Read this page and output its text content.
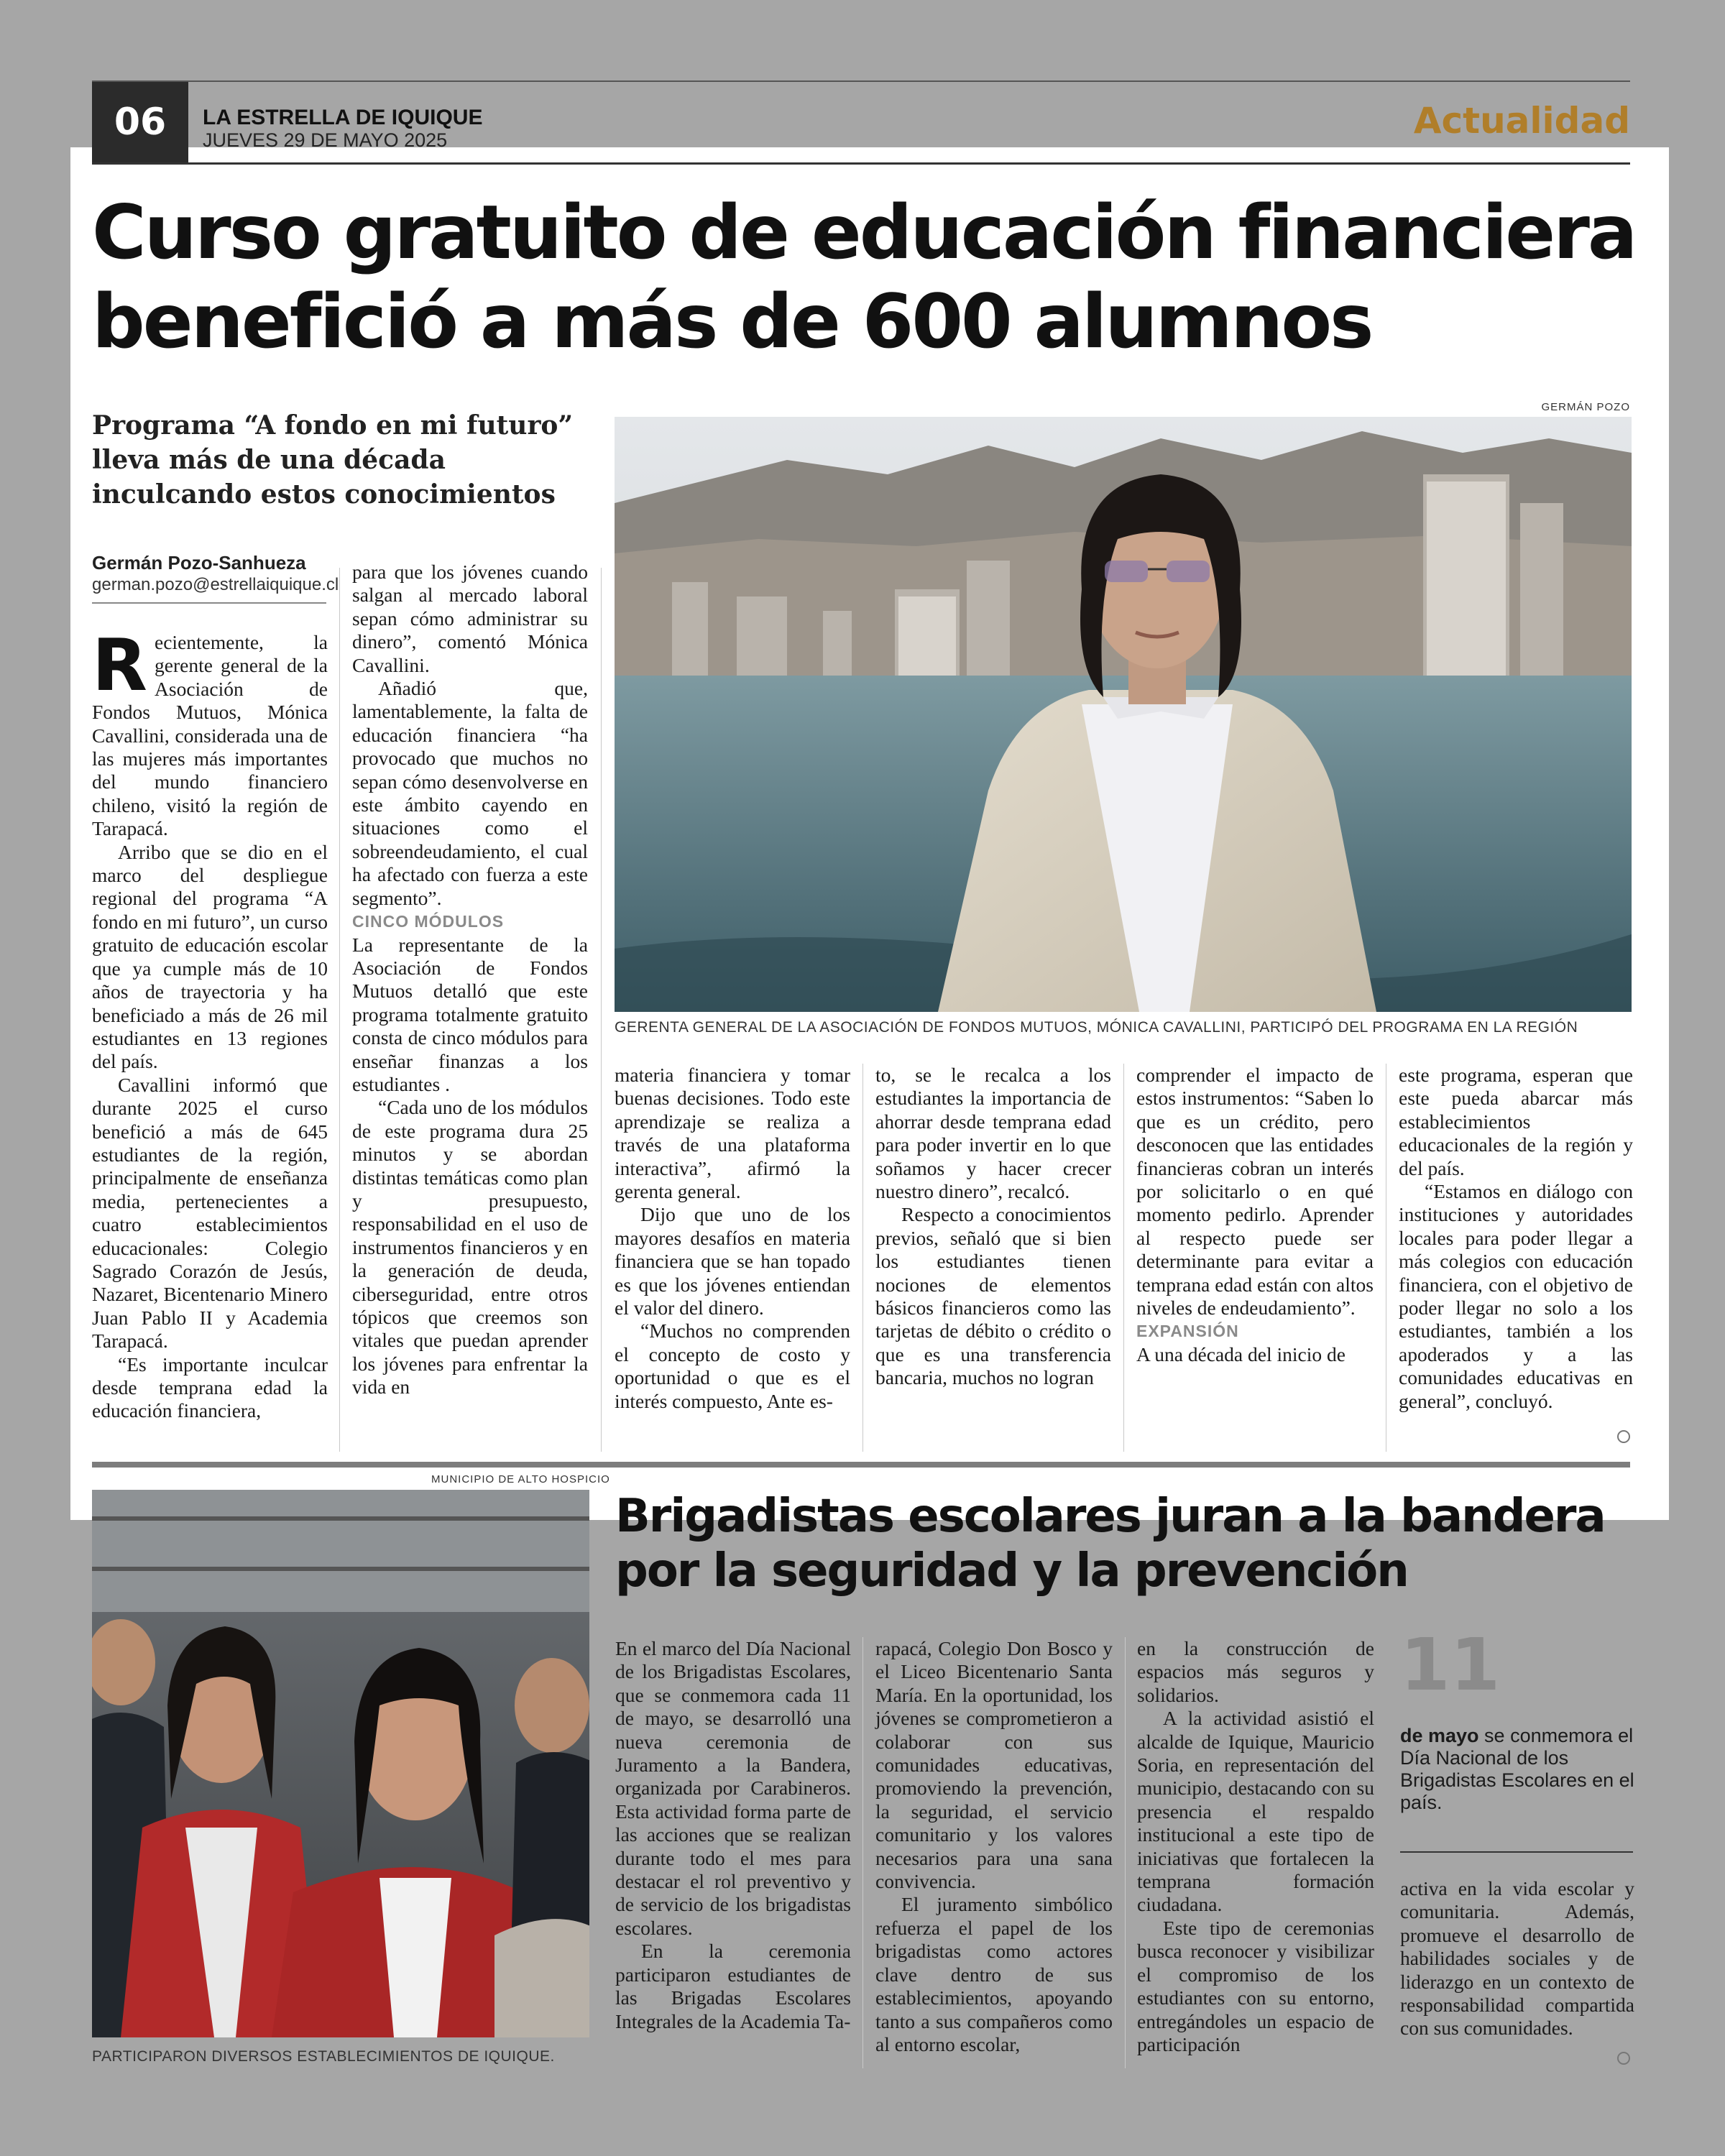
06	LA ESTRELLA DE IQUIQUE
JUEVES 29 DE MAYO 2025	Actualidad
Curso gratuito de educación financiera
benefició a más de 600 alumnos

Programa “A fondo en mi futuro” lleva más de una década inculcando estos conocimientos

Germán Pozo-Sanhueza
german.pozo@estrellaiquique.cl

Recientemente, la gerente general de la Asociación de Fondos Mutuos, Mónica Cavallini, considerada una de las mujeres más importantes del mundo financiero chileno, visitó la región de Tarapacá.

Arribo que se dio en el marco del despliegue regional del programa “A fondo en mi futuro”, un curso gratuito de educación escolar que ya cumple más de 10 años de trayectoria y ha beneficiado a más de 26 mil estudiantes en 13 regiones del país.

Cavallini informó que durante 2025 el curso benefició a más de 645 estudiantes de la región, principalmente de enseñanza media, pertenecientes a cuatro establecimientos educacionales: Colegio Sagrado Corazón de Jesús, Nazaret, Bicentenario Minero Juan Pablo II y Academia Tarapacá.

“Es importante inculcar desde temprana edad la educación financiera,

para que los jóvenes cuando salgan al mercado laboral sepan cómo administrar su dinero”, comentó Mónica Cavallini.

Añadió que, lamentablemente, la falta de educación financiera “ha provocado que muchos no sepan cómo desenvolverse en este ámbito cayendo en situaciones como el sobreendeudamiento, el cual ha afectado con fuerza a este segmento”.

CINCO MÓDULOS

La representante de la Asociación de Fondos Mutuos detalló que este programa totalmente gratuito consta de cinco módulos para enseñar finanzas a los estudiantes .

“Cada uno de los módulos de este programa dura 25 minutos y se abordan distintas temáticas como plan y presupuesto, responsabilidad en el uso de instrumentos financieros y en la generación de deuda, ciberseguridad, entre otros tópicos que creemos son vitales que puedan aprender los jóvenes para enfrentar la vida en

GERMÁN POZO
GERENTA GENERAL DE LA ASOCIACIÓN DE FONDOS MUTUOS, MÓNICA CAVALLINI, PARTICIPÓ DEL PROGRAMA EN LA REGIÓN

materia financiera y tomar buenas decisiones. Todo este aprendizaje se realiza a través de una plataforma interactiva”, afirmó la gerenta general.

Dijo que uno de los mayores desafíos en materia financiera que se han topado es que los jóvenes entiendan el valor del dinero.

“Muchos no comprenden el concepto de costo y oportunidad o que es el interés compuesto, Ante es-

to, se le recalca a los estudiantes la importancia de ahorrar desde temprana edad para poder invertir en lo que soñamos y hacer crecer nuestro dinero”, recalcó.

Respecto a conocimientos previos, señaló que si bien los estudiantes tienen nociones de elementos básicos financieros como las tarjetas de débito o crédito o que es una transferencia bancaria, muchos no logran

comprender el impacto de estos instrumentos: “Saben lo que es un crédito, pero desconocen que las entidades financieras cobran un interés por solicitarlo o en qué momento pedirlo. Aprender al respecto puede ser determinante para evitar a temprana edad están con altos niveles de endeudamiento”.

EXPANSIÓN

A una década del inicio de

este programa, esperan que este pueda abarcar más establecimientos educacionales de la región y del país.

“Estamos en diálogo con instituciones y autoridades locales para poder llegar a más colegios con educación financiera, con el objetivo de poder llegar no solo a los estudiantes, también a los apoderados y a las comunidades educativas en general”, concluyó.

MUNICIPIO DE ALTO HOSPICIO
PARTICIPARON DIVERSOS ESTABLECIMIENTOS DE IQUIQUE.
Brigadistas escolares juran a la bandera
por la seguridad y la prevención

En el marco del Día Nacional de los Brigadistas Escolares, que se conmemora cada 11 de mayo, se desarrolló una nueva ceremonia de Juramento a la Bandera, organizada por Carabineros. Esta actividad forma parte de las acciones que se realizan durante todo el mes para destacar el rol preventivo y de servicio de los brigadistas escolares.

En la ceremonia participaron estudiantes de las Brigadas Escolares Integrales de la Academia Ta-

rapacá, Colegio Don Bosco y el Liceo Bicentenario Santa María. En la oportunidad, los jóvenes se comprometieron a colaborar con sus comunidades educativas, promoviendo la prevención, la seguridad, el servicio comunitario y los valores necesarios para una sana convivencia.

El juramento simbólico refuerza el papel de los brigadistas como actores clave dentro de sus establecimientos, apoyando tanto a sus compañeros como al entorno escolar,

en la construcción de espacios más seguros y solidarios.

A la actividad asistió el alcalde de Iquique, Mauricio Soria, en representación del municipio, destacando con su presencia el respaldo institucional a este tipo de iniciativas que fortalecen la temprana formación ciudadana.

Este tipo de ceremonias busca reconocer y visibilizar el compromiso de los estudiantes con su entorno, entregándoles un espacio de participación

11
de mayo se conmemora el Día Nacional de los Brigadistas Escolares en el país.

activa en la vida escolar y comunitaria. Además, promueve el desarrollo de habilidades sociales y de liderazgo en un contexto de responsabilidad compartida con sus comunidades.
